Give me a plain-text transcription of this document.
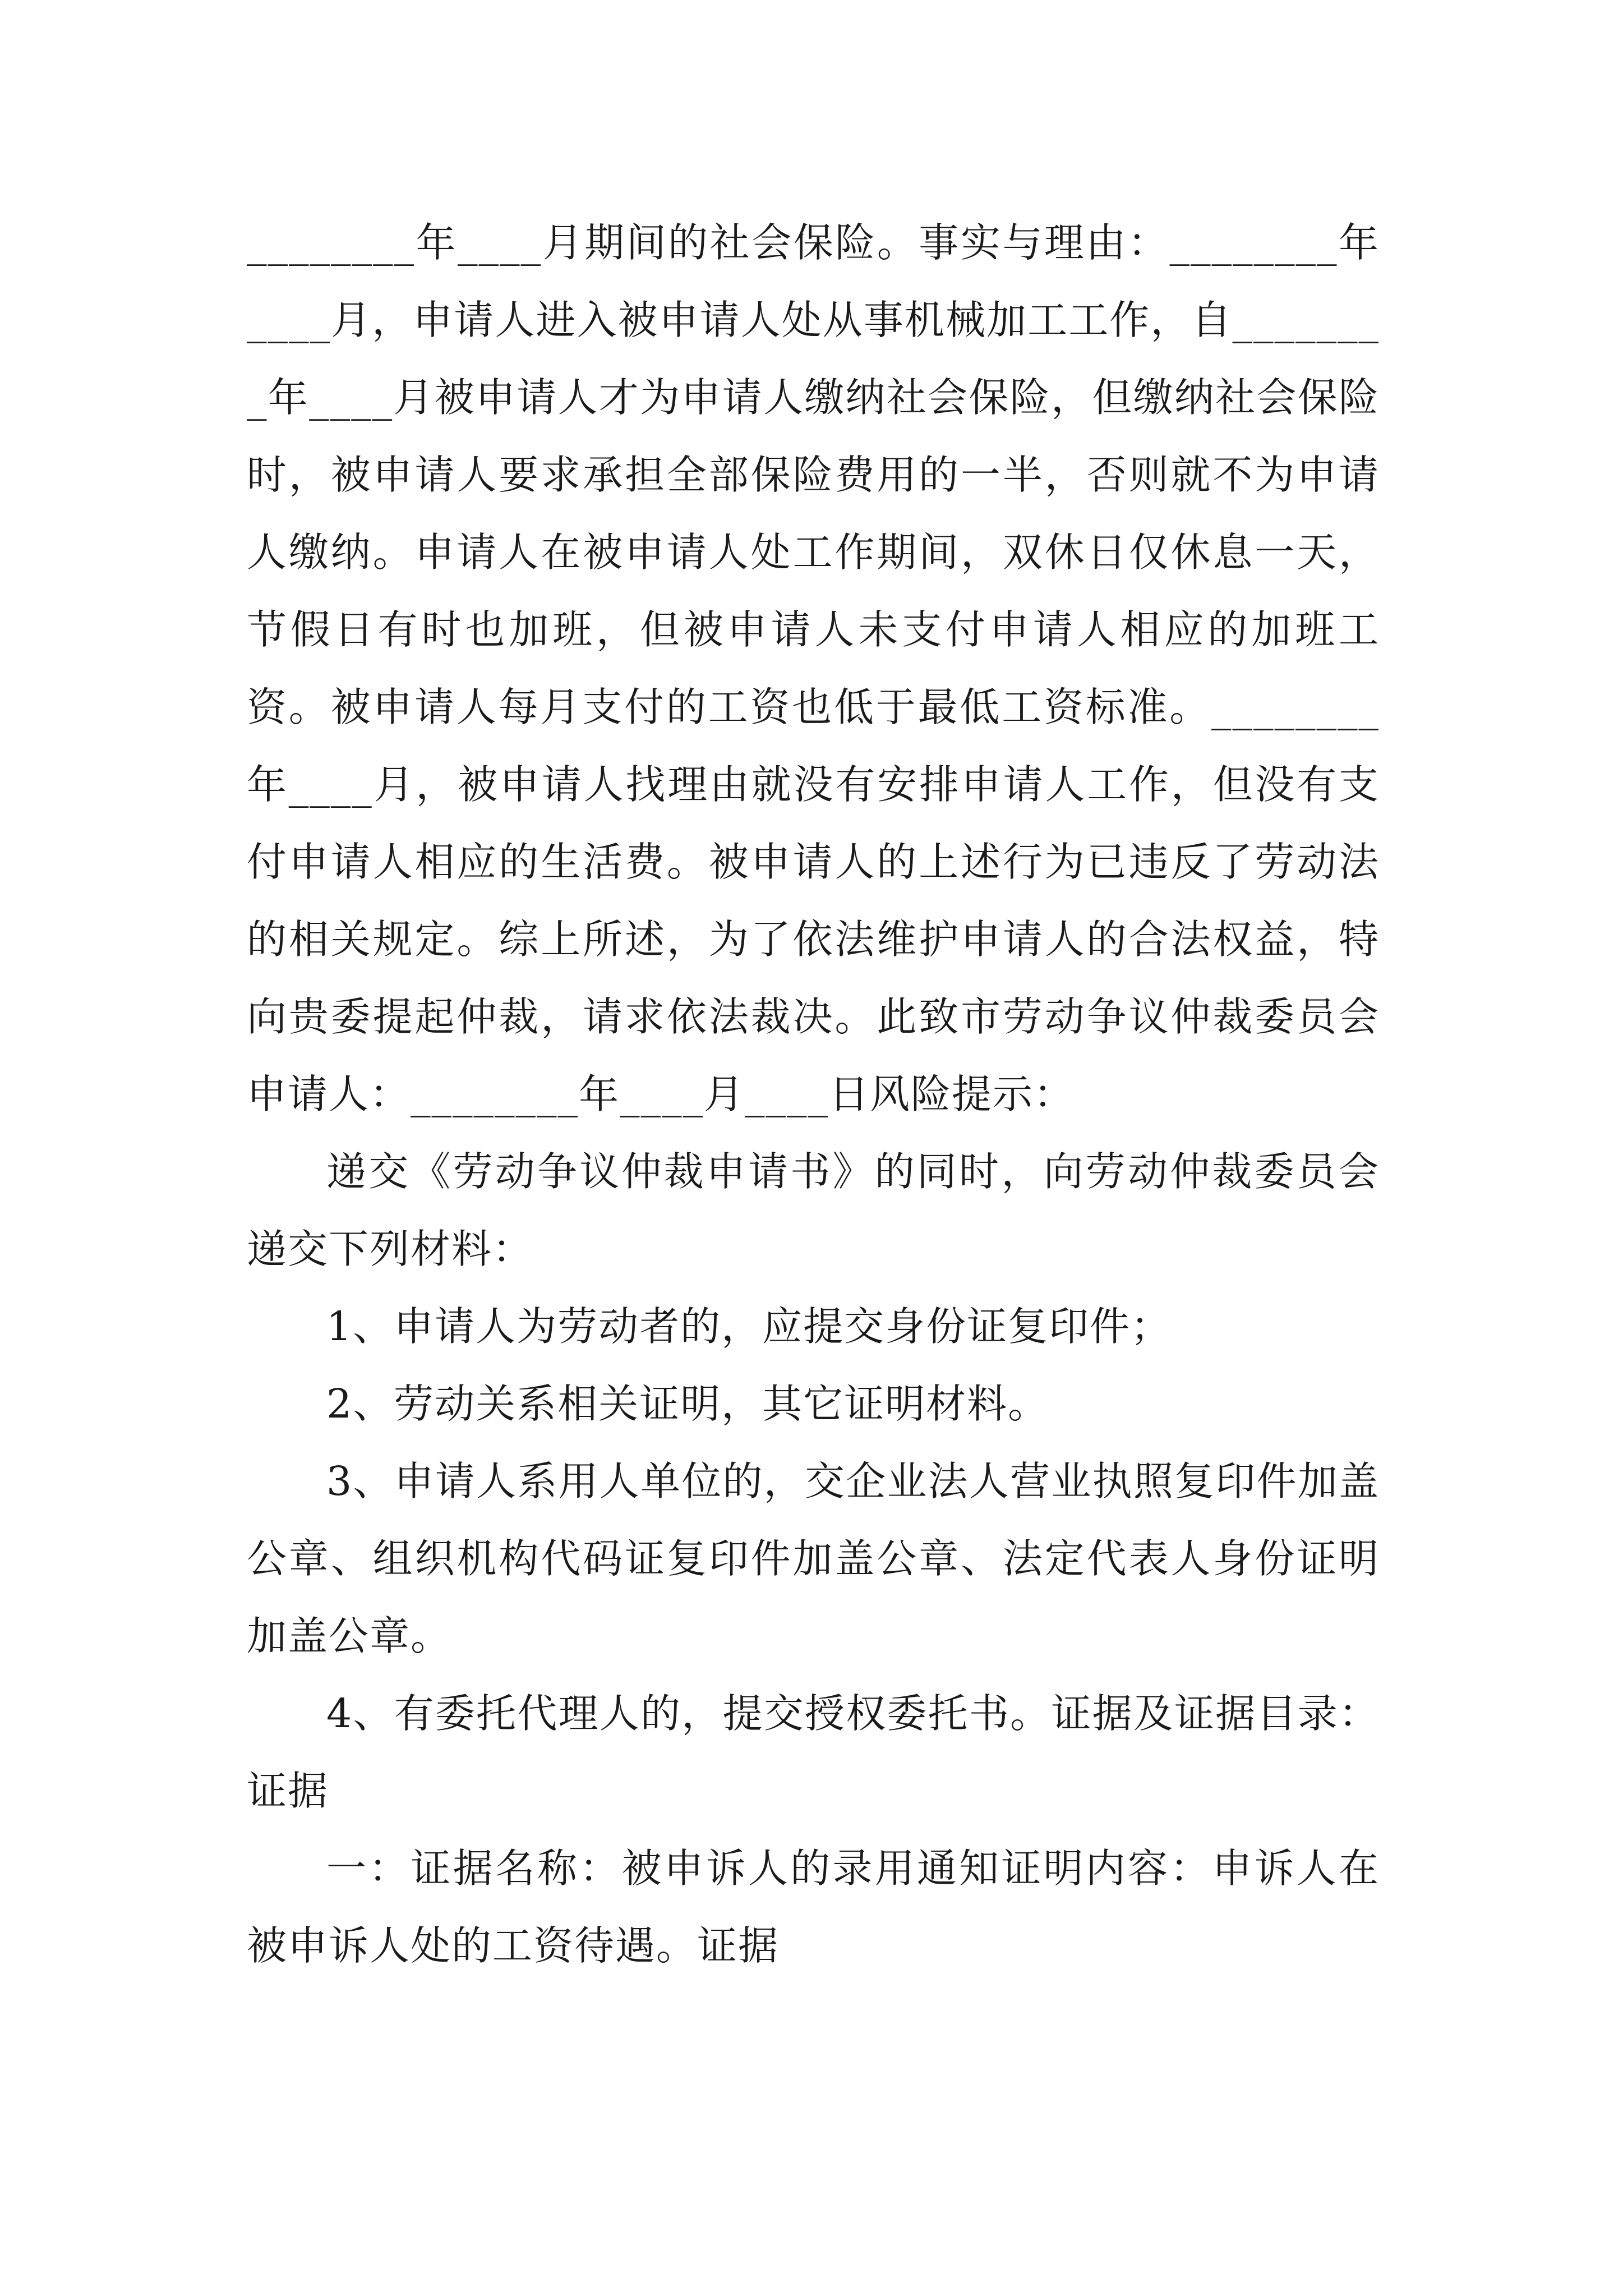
________年____月期间的社会保险。事实与理由：________年____月，申请人进入被申请人处从事机械加工工作，自________年____月被申请人才为申请人缴纳社会保险，但缴纳社会保险时，被申请人要求承担全部保险费用的一半，否则就不为申请人缴纳。申请人在被申请人处工作期间，双休日仅休息一天，节假日有时也加班，但被申请人未支付申请人相应的加班工资。被申请人每月支付的工资也低于最低工资标准。________年____月，被申请人找理由就没有安排申请人工作，但没有支付申请人相应的生活费。被申请人的上述行为已违反了劳动法的相关规定。综上所述，为了依法维护申请人的合法权益，特向贵委提起仲裁，请求依法裁决。此致市劳动争议仲裁委员会申请人：________年____月____日风险提示：

递交《劳动争议仲裁申请书》的同时，向劳动仲裁委员会递交下列材料：

1、申请人为劳动者的，应提交身份证复印件；

2、劳动关系相关证明，其它证明材料。

3、申请人系用人单位的，交企业法人营业执照复印件加盖公章、组织机构代码证复印件加盖公章、法定代表人身份证明加盖公章。

4、有委托代理人的，提交授权委托书。证据及证据目录：证据

一：证据名称：被申诉人的录用通知证明内容：申诉人在被申诉人处的工资待遇。证据
